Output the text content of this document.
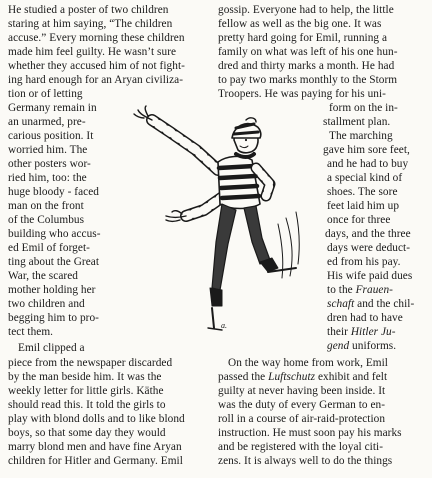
He studied a poster of two children
staring at him saying, “The children
accuse.” Every morning these children
made him feel guilty. He wasn’t sure
whether they accused him of not fight-
ing hard enough for an Aryan civiliza-
tion or of letting
Germany remain in
an unarmed, pre-
carious position. It
worried him. The
other posters wor-
ried him, too: the
huge bloody - faced
man on the front
of the Columbus
building who accus-
ed Emil of forget-
ting about the Great
War, the scared
mother holding her
two children and
begging him to pro-
tect them.
Emil clipped a
piece from the newspaper discarded
by the man beside him. It was the
weekly letter for little girls. Käthe
should read this. It told the girls to
play with blond dolls and to like blond
boys, so that some day they would
marry blond men and have fine Aryan
children for Hitler and Germany. Emil
gossip. Everyone had to help, the little
fellow as well as the big one. It was
pretty hard going for Emil, running a
family on what was left of his one hun-
dred and thirty marks a month. He had
to pay two marks monthly to the Storm
Troopers. He was paying for his uni-
form on the in-
stallment plan.
The marching
gave him sore feet,
and he had to buy
a special kind of
shoes. The sore
feet laid him up
once for three
days, and the three
days were deduct-
ed from his pay.
His wife paid dues
to the Frauen-
schaft and the chil-
dren had to have
their Hitler Ju-
gend uniforms.
On the way home from work, Emil
passed the Luftschutz exhibit and felt
guilty at never having been inside. It
was the duty of every German to en-
roll in a course of air-raid-protection
instruction. He must soon pay his marks
and be registered with the loyal citi-
zens. It is always well to do the things
a.
